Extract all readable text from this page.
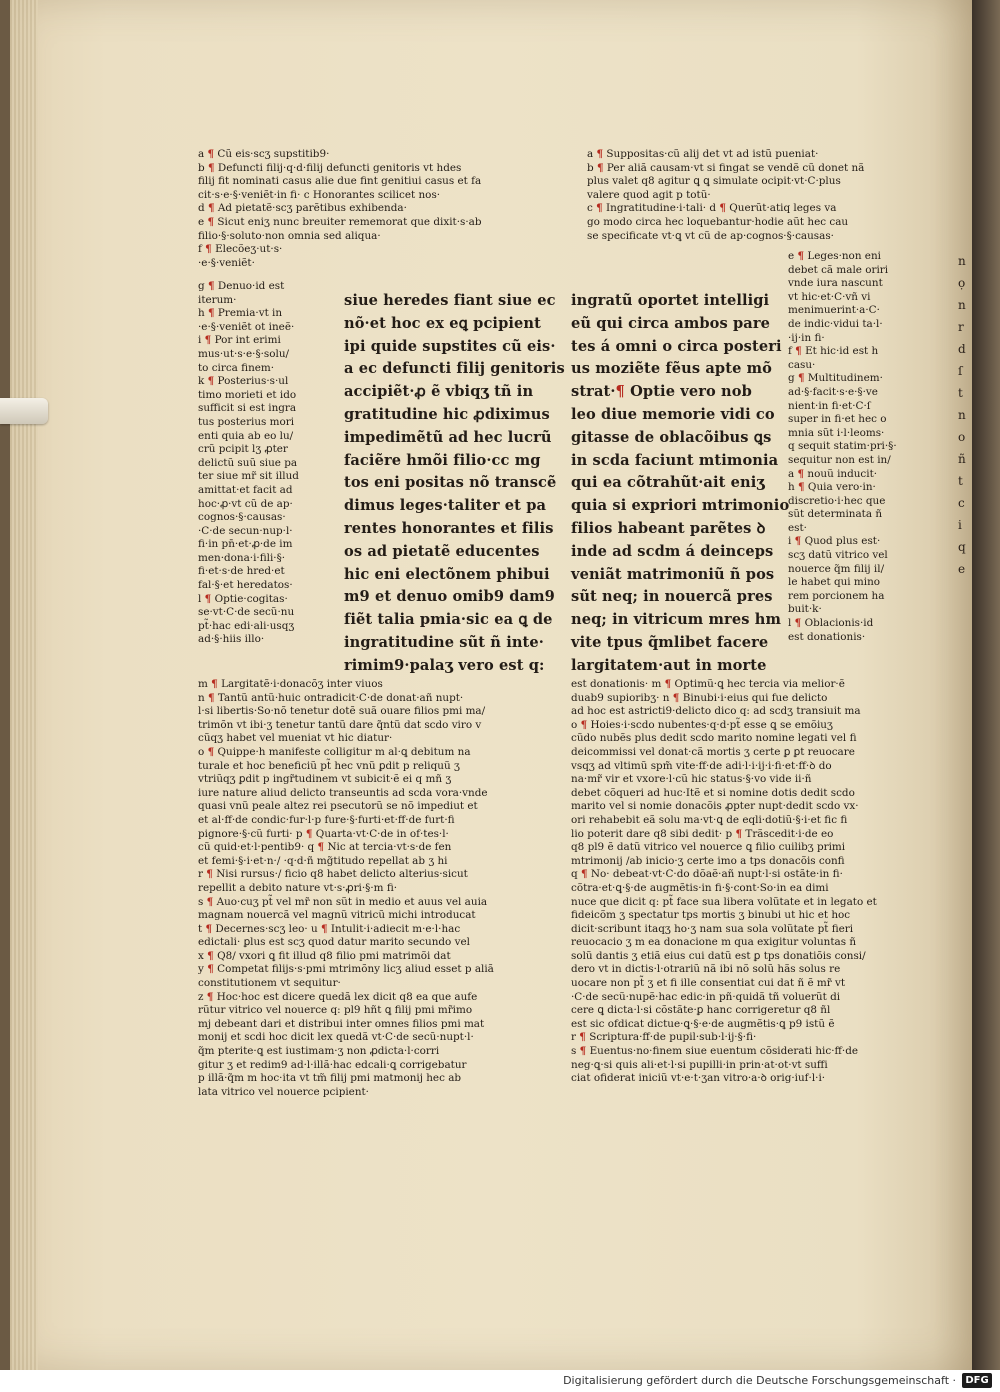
n
ọ
n
r
d
ſ
t
n
o
ñ
t
c
i
q
e
a ¶ Cũ eis·scʒ supstitib9·
b ¶ Defuncti filij·q·d·filij defuncti genitoris vt hdes
filij fit nominati casus alie due fint genitiui casus et fa
cit·s·e·§·veniẽt·in fi· c Honorantes scilicet nos·
d ¶ Ad pietatẽ·scʒ parẽtibus exhibenda·
e ¶ Sicut eniʒ nunc breuiter rememorat que dixit·s·ab
filio·§·soluto·non omnia sed aliqua·
f ¶ Elecõeʒ·ut·s·
·e·§·veniẽt·
g ¶ Denuo·id est
iterum·
h ¶ Premia·vt in
·e·§·veniẽt ot ineẽ·
i ¶ Por int erimi
mus·ut·s·e·§·solu/
to circa finem·
k ¶ Posterius·s·ul
timo morieti et ido
sufficit si est ingra
tus posterius mori
enti quia ab eo lu/
crũ pcipit lʒ ꝓter
delictũ suũ siue pa
ter siue mr̃ sit illud
amittat·et facit ad
hoc·ꝓ·vt cũ de ap·
cognos·§·causas·
·C·de secun·nup·l·
fi·in pn̄·et·ꝓ·de im
men·dona·i·fili·§·
fi·et·s·de hred·et
fal·§·et heredatos·
l ¶ Optie·cogitas·
se·vt·C·de secũ·nu
pt̃·hac edi·ali·usqʒ
ad·§·hiis illo·
siue heredes fiant siue ec
nõ·et hoc ex eꝗ pcipient
ipi quide supstites cũ eis·
a ec defuncti filij genitoris
accipiẽt·ꝓ ẽ vbiqʒ tñ in
gratitudine hic ꝓdiximus
impedimẽtũ ad hec lucrũ
faciẽre hmõi filio·cc mg
tos eni positas nõ transcẽ
dimus leges·taliter et pa
rentes honorantes et filis
os ad pietatẽ educentes
hic eni electõnem phibui
m9 et denuo omib9 dam9
fiẽt talia pmia·sic ea ꝗ de
ingratitudine sũt ñ inte·
rimim9·palaʒ vero est q:
m ¶ Largitatẽ·i·donacõʒ inter viuos
n ¶ Tantũ antũ·huic ontradicit·C·de donat·añ nupt·
l·si libertis·So·nõ tenetur dotẽ suã ouare filios pmi ma/
trimõn vt ibi·ʒ tenetur tantũ dare q̃ntũ dat scdo viro v
cũqʒ habet vel mueniat vt hic diatur·
o ¶ Quippe·h manifeste colligitur m al·ꝗ debitum na
turale et hoc beneficiũ pt̃ hec vnũ ꝑdit p reliquũ ʒ
vtriũqʒ ꝑdit p ingr̃tudinem vt subicit·ẽ ei q mñ ʒ
iure nature aliud delicto transeuntis ad scda vora·vnde
quasi vnũ peale altez rei psecutorũ se nõ impediut et
et al·ff·de condic·fur·l·p fure·§·furti·et·ff·de furt·fi
pignore·§·cũ furti· p ¶ Quarta·vt·C·de in of·tes·l·
cũ quid·et·l·pentib9· q ¶ Nic at tercia·vt·s·de fen
et femi·§·i·et·n·/ ·q·d·ñ mg̃titudo repellat ab ʒ hi
r ¶ Nisi rursus·/ ficio q8 habet delicto alterius·sicut
repellit a debito nature vt·s·ꝓri·§·m fi·
s ¶ Auo·cuʒ pt̃ vel mr̃ non sũt in medio et auus vel auia
magnam nouercã vel magnũ vitricũ michi introducat
t ¶ Decernes·scʒ leo· u ¶ Intulit·i·adiecit m·e·l·hac
edictali· ꝑlus est scʒ quod datur marito secundo vel
x ¶ Q8/ vxori ꝗ fit illud q8 filio pmi matrimõi dat
y ¶ Competat filijs·s·pmi mtrimõny licʒ aliud esset p aliã
constitutionem vt sequitur·
z ¶ Hoc·hoc est dicere quedã lex dicit q8 ea que aufe
rũtur vitrico vel nouerce q: pl9 hñt ꝗ filij pmi mr̃imo
mj debeant dari et distribui inter omnes filios pmi mat
monij et scdi hoc dicit lex quedã vt·C·de secũ·nupt·l·
q̃m pterite·ꝗ est iustimam·ʒ non ꝓdicta·l·corri
gitur ʒ et redim9 ad·l·illã·hac edcali·ꝗ corrigebatur
p illã·q̃m m hoc·ita vt tm̃ filij pmi matmonij hec ab
lata vitrico vel nouerce pcipient·
a ¶ Suppositas·cũ alij det vt ad istũ pueniat·
b ¶ Per aliã causam·vt si fingat se vendẽ cũ donet nã
plus valet q8 agitur ꝗ ꝗ simulate ocipit·vt·C·plus
valere quod agit p totũ·
c ¶ Ingratitudine·i·tali· d ¶ Querũt·atiq leges va
go modo circa hec loquebantur·hodie aũt hec cau
se specificate vt·ꝗ vt cũ de ap·cognos·§·causas·
ingratũ oportet intelligi
eũ qui circa ambos pare
tes á omni o circa posteri
us moziẽte fẽus apte mõ
strat·¶ Optie vero nob
leo diue memorie vidi co
gitasse de oblacõibus ꝗs
in scda faciunt mtimonia
qui ea cõtrahũt·ait eniʒ
quia si expriori mtrimonio
filios habeant parẽtes ꝺ
inde ad scdm á deinceps
veniãt matrimoniũ ñ pos
sũt neq; in nouercã pres
neq; in vitricum mres hm
vite tpus q̃mlibet facere
largitatem·aut in morte
e ¶ Leges·non eni
debet cã male oriri
vnde iura nascunt
vt hic·et·C·vñ vi
menimuerint·a·C·
de indic·vidui ta·l·
·ij·in fi·
f ¶ Et hic·id est h
casu·
g ¶ Multitudinem·
ad·§·facit·s·e·§·ve
nient·in fi·et·C·ſ
super in fi·et hec o
mnia sũt i·l·leoms·
q sequit statim·pri·§·
sequitur non est in/
a ¶ nouũ inducit·
h ¶ Quia vero·in·
discretio·i·hec que
sũt determinata ñ
est·
i ¶ Quod plus est·
scʒ datũ vitrico vel
nouerce q̃m filij il/
le habet qui mino
rem porcionem ha
buit·k·
l ¶ Oblacionis·id
est donationis·
est donationis· m ¶ Optimũ·ꝗ hec tercia via melior·ẽ
duab9 supioribʒ· n ¶ Binubi·i·eius qui fue delicto
ad hoc est astricti9·delicto dico q: ad scdʒ transiuit ma
o ¶ Hoies·i·scdo nubentes·q·d·pt̃ esse ꝗ se emõiuʒ
cũdo nubẽs plus dedit scdo marito nomine legati vel fi
deicommissi vel donat·cã mortis ʒ certe ꝑ ꝑt reuocare
vsqʒ ad vltimũ spm̃ vite·ff·de adi·l·i·ij·i·fi·et·ff·ꝺ do
na·mr̃ vir et vxore·l·cũ hic status·§·vo vide ii·ñ
debet cõqueri ad huc·Itẽ et si nomine dotis dedit scdo
marito vel si nomie donacõis ꝓpter nupt·dedit scdo vx·
ori rehabebit eã solu ma·vt·ꝗ de eqli·dotiũ·§·i·et fic fi
lio poterit dare q8 sibi dedit· p ¶ Trãscedit·i·de eo
q8 pl9 ẽ datũ vitrico vel nouerce ꝗ filio cuilibʒ primi
mtrimonij /ab inicio·ʒ certe imo a tps donacõis confi
q ¶ No· debeat·vt·C·do dõaẽ·añ nupt·l·si ostãte·in fi·
cõtra·et·ꝗ·§·de augmẽtis·in fi·§·cont·So·in ea dimi
nuce que dicit q: pt̃ face sua libera volũtate et in legato et
fideicõm ʒ spectatur tps mortis ʒ binubi ut hic et hoc
dicit·scribunt itaqʒ ho·ʒ nam sua sola volũtate pt̃ fieri
reuocacio ʒ m ea donacione m qua exigitur voluntas ñ
solũ dantis ʒ etiã eius cui datũ est ꝑ tps donatiõis consi/
dero vt in dictis·l·otrariũ nã ibi nõ solũ hãs solus re
uocare non pt̃ ʒ et fi ille consentiat cui dat ñ ẽ mr̃ vt
·C·de secũ·nupẽ·hac edic·in pñ·quidã tñ voluerũt di
cere ꝗ dicta·l·si cõstãte·ꝑ hanc corrigeretur q8 ñl
est sic ofdicat dictue·ꝗ·§·e·de augmẽtis·ꝗ p9 istũ ẽ
r ¶ Scriptura·ff·de pupil·sub·l·ij·§·fi·
s ¶ Euentus·no·finem siue euentum cõsiderati hic·ff·de
neg·ꝗ·si quis ali·et·l·si pupilli·in prin·at·ot·vt suffi
ciat ofiderat iniciũ vt·e·t·ʒan vitro·a·ꝺ orig·iuf·l·i·
Digitalisierung gefördert durch die Deutsche Forschungsgemeinschaft · DFG
